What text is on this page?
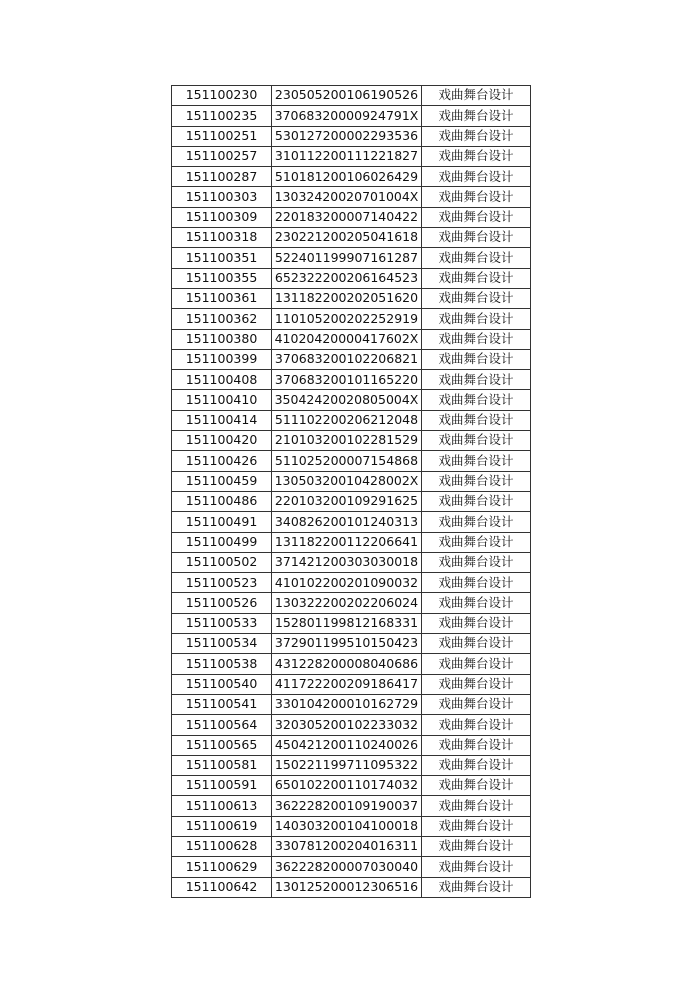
151100230	230505200106190526	戏曲舞台设计
151100235	37068320000924791X	戏曲舞台设计
151100251	530127200002293536	戏曲舞台设计
151100257	310112200111221827	戏曲舞台设计
151100287	510181200106026429	戏曲舞台设计
151100303	13032420020701004X	戏曲舞台设计
151100309	220183200007140422	戏曲舞台设计
151100318	230221200205041618	戏曲舞台设计
151100351	522401199907161287	戏曲舞台设计
151100355	652322200206164523	戏曲舞台设计
151100361	131182200202051620	戏曲舞台设计
151100362	110105200202252919	戏曲舞台设计
151100380	41020420000417602X	戏曲舞台设计
151100399	370683200102206821	戏曲舞台设计
151100408	370683200101165220	戏曲舞台设计
151100410	35042420020805004X	戏曲舞台设计
151100414	511102200206212048	戏曲舞台设计
151100420	210103200102281529	戏曲舞台设计
151100426	511025200007154868	戏曲舞台设计
151100459	13050320010428002X	戏曲舞台设计
151100486	220103200109291625	戏曲舞台设计
151100491	340826200101240313	戏曲舞台设计
151100499	131182200112206641	戏曲舞台设计
151100502	371421200303030018	戏曲舞台设计
151100523	410102200201090032	戏曲舞台设计
151100526	130322200202206024	戏曲舞台设计
151100533	152801199812168331	戏曲舞台设计
151100534	372901199510150423	戏曲舞台设计
151100538	431228200008040686	戏曲舞台设计
151100540	411722200209186417	戏曲舞台设计
151100541	330104200010162729	戏曲舞台设计
151100564	320305200102233032	戏曲舞台设计
151100565	450421200110240026	戏曲舞台设计
151100581	150221199711095322	戏曲舞台设计
151100591	650102200110174032	戏曲舞台设计
151100613	362228200109190037	戏曲舞台设计
151100619	140303200104100018	戏曲舞台设计
151100628	330781200204016311	戏曲舞台设计
151100629	362228200007030040	戏曲舞台设计
151100642	130125200012306516	戏曲舞台设计
